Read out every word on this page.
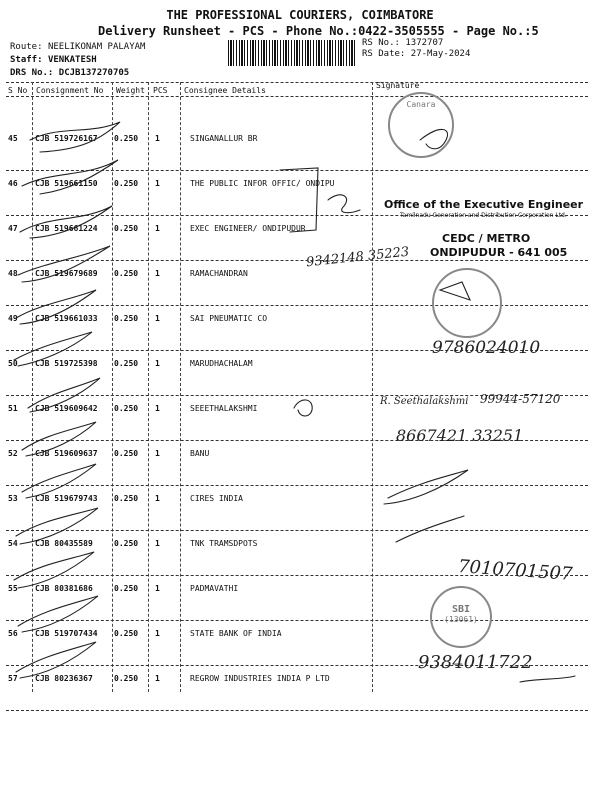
THE PROFESSIONAL COURIERS, COIMBATORE
Delivery Runsheet - PCS - Phone No.:0422-3505555 - Page No.:5
Route: NEELIKONAM PALAYAM
Staff: VENKATESH
DRS No.: DCJB137270705
RS No.: 1372707
RS Date: 27-May-2024
S No Consignment No Weight PCS Consignee Details
Signature
45 CJB 519726167 0.250 1	SINGANALLUR BR
46 CJB 519661150 0.250 1	THE PUBLIC INFOR OFFIC/ ONDIPU
47 CJB 519661224 0.250 1	EXEC ENGINEER/ ONDIPUDUR
48 CJB 519679689 0.250 1	RAMACHANDRAN
49 CJB 519661033 0.250 1	SAI PNEUMATIC CO
50 CJB 519725398 0.250 1	MARUDHACHALAM
51 CJB 519609642 0.250 1	SEEETHALAKSHMI
52 CJB 519609637 0.250 1	BANU
53 CJB 519679743 0.250 1	CIRES INDIA
54 CJB 80435589	0.250 1	TNK TRAMSDPOTS
55 CJB 80381686	0.250 1	PADMAVATHI
56 CJB 519707434 0.250 1	STATE BANK OF INDIA
57 CJB 80236367	0.250 1	REGROW INDUSTRIES INDIA P LTD
Canara
SBI
(13061)
Office of the Executive Engineer
Tamilnadu Generation and Distribution Corporation Ltd.
CEDC / METRO
ONDIPUDUR - 641 005
9342148 35223
9786024010
R. Seethalakshmi 99944-57120
8667421 33251
7010701507
9384011722
